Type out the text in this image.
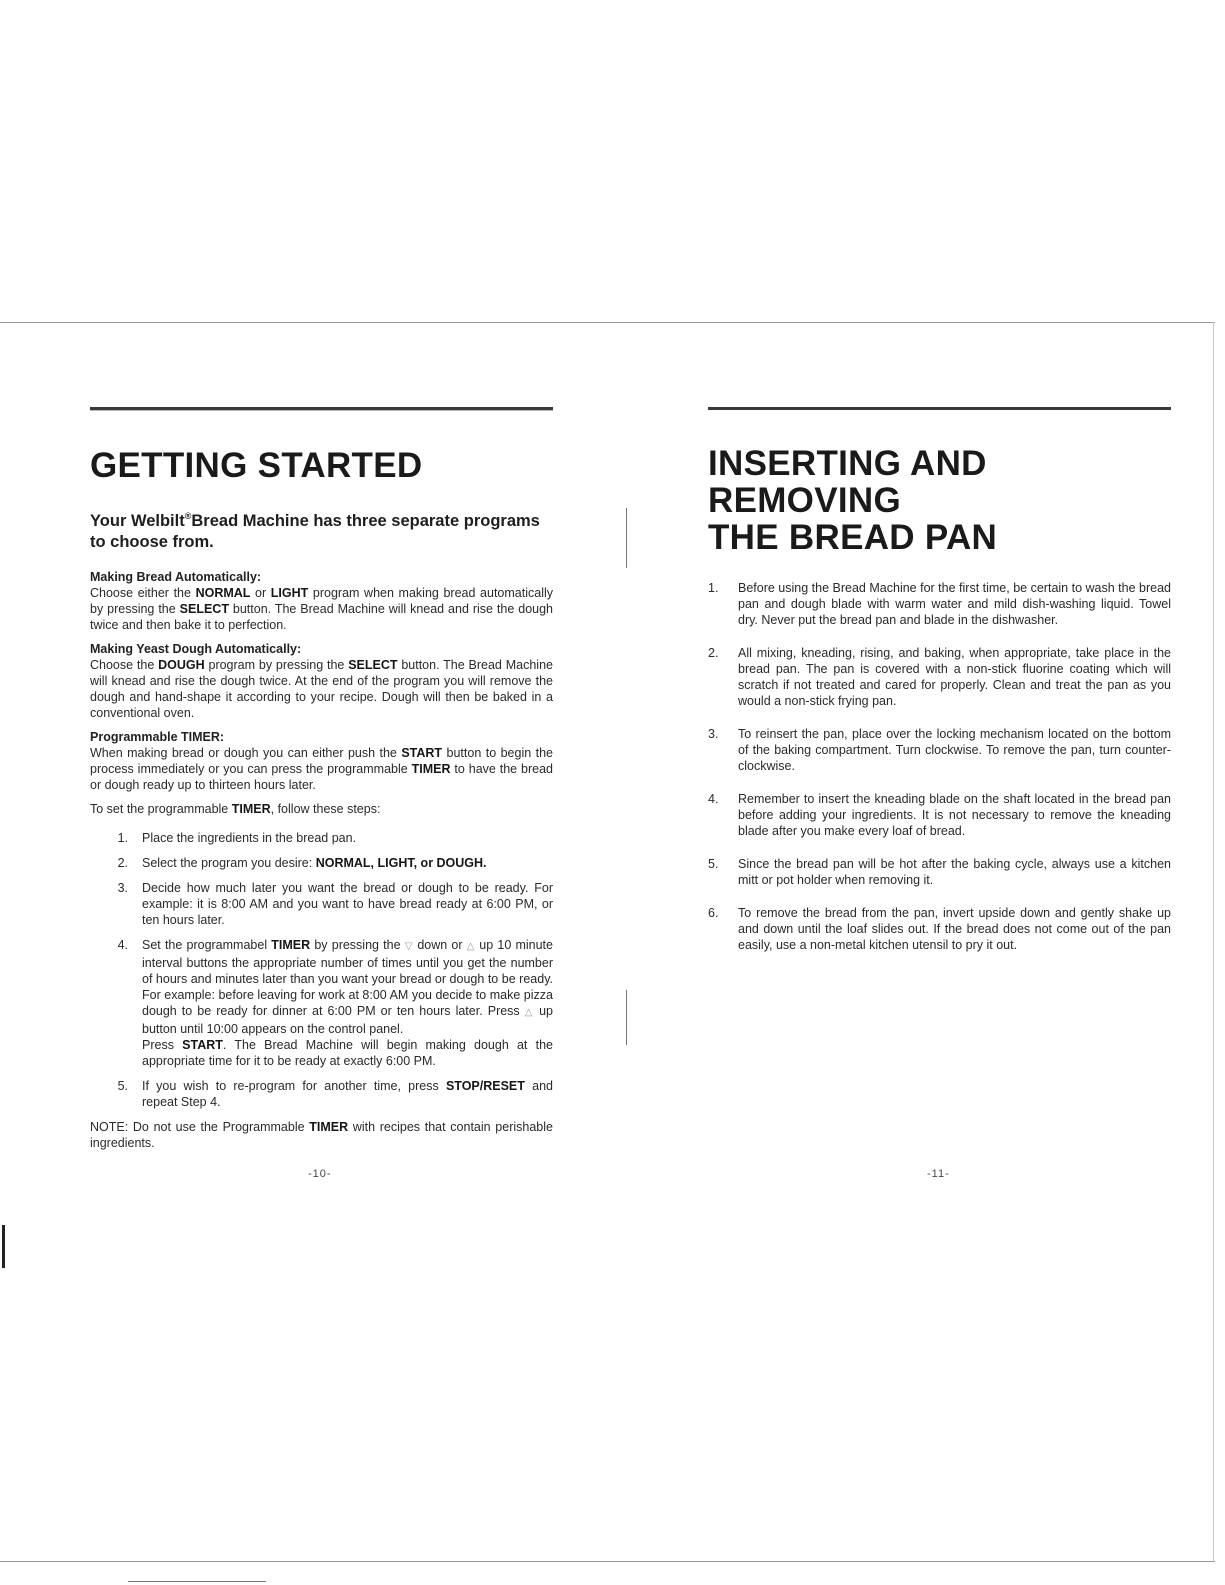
GETTING STARTED
Your Welbilt®Bread Machine has three separate programs to choose from.
Making Bread Automatically:

Choose either the NORMAL or LIGHT program when making bread automatically by pressing the SELECT button. The Bread Machine will knead and rise the dough twice and then bake it to perfection.

Making Yeast Dough Automatically:

Choose the DOUGH program by pressing the SELECT button. The Bread Machine will knead and rise the dough twice. At the end of the program you will remove the dough and hand-shape it according to your recipe. Dough will then be baked in a conventional oven.

Programmable TIMER:

When making bread or dough you can either push the START button to begin the process immediately or you can press the programmable TIMER to have the bread or dough ready up to thirteen hours later.

To set the programmable TIMER, follow these steps:

1.	Place the ingredients in the bread pan.
2.	Select the program you desire: NORMAL, LIGHT, or DOUGH.
3.	Decide how much later you want the bread or dough to be ready. For example: it is 8:00 AM and you want to have bread ready at 6:00 PM, or ten hours later.
4.	Set the programmabel TIMER by pressing the ▽ down or △ up 10 minute interval buttons the appropriate number of times until you get the number of hours and minutes later than you want your bread or dough to be ready. For example: before leaving for work at 8:00 AM you decide to make pizza dough to be ready for dinner at 6:00 PM or ten hours later. Press △ up button until 10:00 appears on the control panel.
Press START. The Bread Machine will begin making dough at the appropriate time for it to be ready at exactly 6:00 PM.
5.	If you wish to re-program for another time, press STOP/RESET and repeat Step 4.

NOTE: Do not use the Programmable TIMER with recipes that contain perishable ingredients.

-10-
INSERTING AND REMOVING
THE BREAD PAN
1.	Before using the Bread Machine for the first time, be certain to wash the bread pan and dough blade with warm water and mild dish-washing liquid. Towel dry. Never put the bread pan and blade in the dishwasher.
2.	All mixing, kneading, rising, and baking, when appropriate, take place in the bread pan. The pan is covered with a non-stick fluorine coating which will scratch if not treated and cared for properly. Clean and treat the pan as you would a non-stick frying pan.
3.	To reinsert the pan, place over the locking mechanism located on the bottom of the baking compartment. Turn clockwise. To remove the pan, turn counter-clockwise.
4.	Remember to insert the kneading blade on the shaft located in the bread pan before adding your ingredients. It is not necessary to remove the kneading blade after you make every loaf of bread.
5.	Since the bread pan will be hot after the baking cycle, always use a kitchen mitt or pot holder when removing it.
6.	To remove the bread from the pan, invert upside down and gently shake up and down until the loaf slides out. If the bread does not come out of the pan easily, use a non-metal kitchen utensil to pry it out.
-11-
